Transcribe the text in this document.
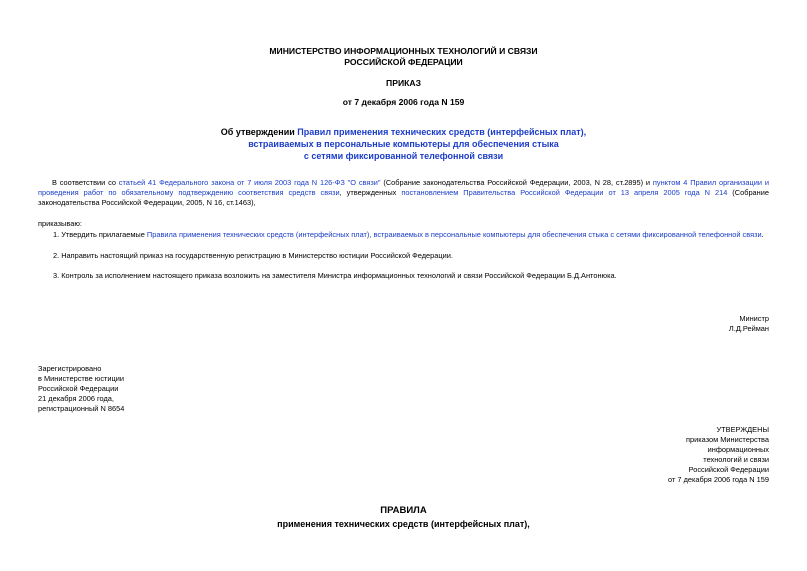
МИНИСТЕРСТВО ИНФОРМАЦИОННЫХ ТЕХНОЛОГИЙ И СВЯЗИ
РОССИЙСКОЙ ФЕДЕРАЦИИ
ПРИКАЗ
от 7 декабря 2006 года N 159
Об утверждении Правил применения технических средств (интерфейсных плат),
встраиваемых в персональные компьютеры для обеспечения стыка
с сетями фиксированной телефонной связи
В соответствии со статьей 41 Федерального закона от 7 июля 2003 года N 126-ФЗ "О связи" (Собрание законодательства Российской Федерации, 2003, N 28, ст.2895) и пунктом 4 Правил организации и проведения работ по обязательному подтверждению соответствия средств связи, утвержденных постановлением Правительства Российской Федерации от 13 апреля 2005 года N 214 (Собрание законодательства Российской Федерации, 2005, N 16, ст.1463),
приказываю:
1. Утвердить прилагаемые Правила применения технических средств (интерфейсных плат), встраиваемых в персональные компьютеры для обеспечения стыка с сетями фиксированной телефонной связи.
2. Направить настоящий приказ на государственную регистрацию в Министерство юстиции Российской Федерации.
3. Контроль за исполнением настоящего приказа возложить на заместителя Министра информационных технологий и связи Российской Федерации Б.Д.Антонюка.
Министр
Л.Д.Рейман
Зарегистрировано
в Министерстве юстиции
Российской Федерации
21 декабря 2006 года,
регистрационный N 8654
УТВЕРЖДЕНЫ
приказом Министерства
информационных
технологий и связи
Российской Федерации
от 7 декабря 2006 года N 159
ПРАВИЛА
применения технических средств (интерфейсных плат),
